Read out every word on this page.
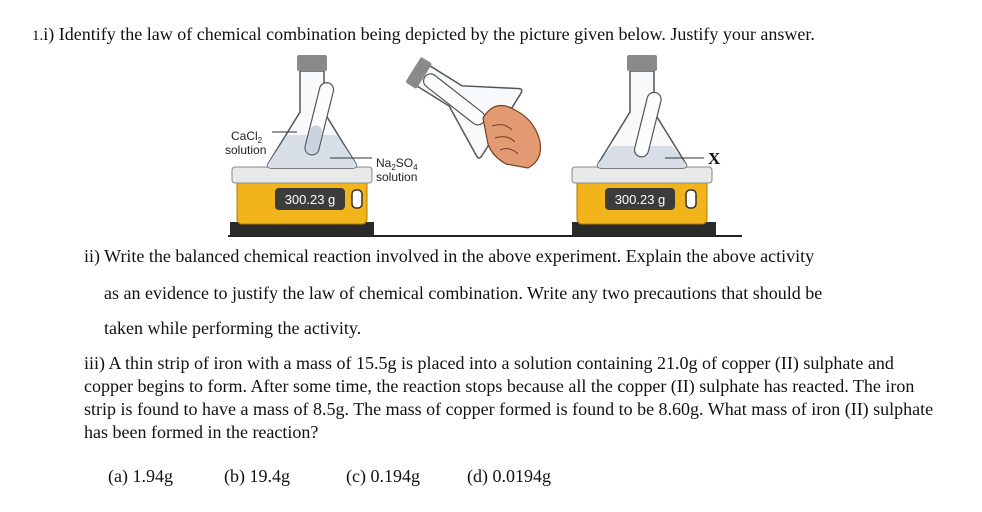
1.i) Identify the law of chemical combination being depicted by the picture given below. Justify your answer.
300.23 g
CaCl$_2$
solution
$Na_2SO_4$
solution
300.23 g
X
ii) Write the balanced chemical reaction involved in the above experiment. Explain the above activity
as an evidence to justify the law of chemical combination. Write any two precautions that should be
taken while performing the activity.
iii) A thin strip of iron with a mass of 15.5g is placed into a solution containing 21.0g of copper (II) sulphate and copper begins to form. After some time, the reaction stops because all the copper (II) sulphate has reacted. The iron strip is found to have a mass of 8.5g. The mass of copper formed is found to be 8.60g. What mass of iron (II) sulphate has been formed in the reaction?
(a) 1.94g	(b) 19.4g	(c) 0.194g	(d) 0.0194g
